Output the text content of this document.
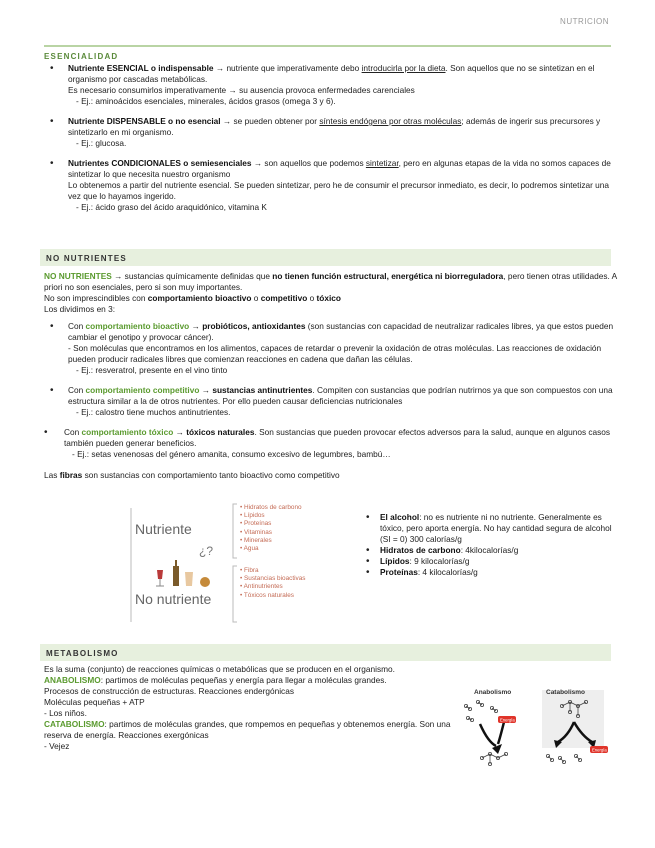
NUTRICION
ESENCIALIDAD
• Nutriente ESENCIAL o indispensable → nutriente que imperativamente debo introducirla por la dieta. Son aquellos que no se sintetizan en el organismo por cascadas metabólicas.
Es necesario consumirlos imperativamente → su ausencia provoca enfermedades carenciales
- Ej.: aminoácidos esenciales, minerales, ácidos grasos (omega 3 y 6).
• Nutriente DISPENSABLE o no esencial → se pueden obtener por síntesis endógena por otras moléculas; además de ingerir sus precursores y sintetizarlo en mi organismo.
- Ej.: glucosa.
• Nutrientes CONDICIONALES o semiesenciales → son aquellos que podemos sintetizar, pero en algunas etapas de la vida no somos capaces de sintetizar lo que necesita nuestro organismo
Lo obtenemos a partir del nutriente esencial. Se pueden sintetizar, pero he de consumir el precursor inmediato, es decir, lo podremos sintetizar una vez que lo hayamos ingerido.
- Ej.: ácido graso del ácido araquidónico, vitamina K
NO NUTRIENTES
NO NUTRIENTES → sustancias químicamente definidas que no tienen función estructural, energética ni biorreguladora, pero tienen otras utilidades. A priori no son esenciales, pero si son muy importantes.
No son imprescindibles con comportamiento bioactivo o competitivo o tóxico
Los dividimos en 3:
• Con comportamiento bioactivo → probióticos, antioxidantes (son sustancias con capacidad de neutralizar radicales libres, ya que estos pueden cambiar el genotipo y provocar cáncer).
- Son moléculas que encontramos en los alimentos, capaces de retardar o prevenir la oxidación de otras moléculas. Las reacciones de oxidación pueden producir radicales libres que comienzan reacciones en cadena que dañan las células.
- Ej.: resveratrol, presente en el vino tinto
• Con comportamiento competitivo → sustancias antinutrientes. Compiten con sustancias que podrían nutrirnos ya que son compuestos con una estructura similar a la de otros nutrientes. Por ello pueden causar deficiencias nutricionales
- Ej.: calostro tiene muchos antinutrientes.
• Con comportamiento tóxico → tóxicos naturales. Son sustancias que pueden provocar efectos adversos para la salud, aunque en algunos casos también pueden generar beneficios.
- Ej.: setas venenosas del género amanita, consumo excesivo de legumbres, bambú…
Las fibras son sustancias con comportamiento tanto bioactivo como competitivo
Nutriente
¿?
No nutriente
• Hidratos de carbono
• Lípidos
• Proteínas
• Vitaminas
• Minerales
• Agua
• Fibra
• Sustancias bioactivas
• Antinutrientes
• Tóxicos naturales
• El alcohol: no es nutriente ni no nutriente. Generalmente es tóxico, pero aporta energía. No hay cantidad segura de alcohol (SI = 0) 300 calorías/g
• Hidratos de carbono: 4kilocalorías/g
• Lípidos: 9 kilocalorías/g
• Proteínas: 4 kilocalorías/g
METABOLISMO
Es la suma (conjunto) de reacciones químicas o metabólicas que se producen en el organismo.
ANABOLISMO: partimos de moléculas pequeñas y energía para llegar a moléculas grandes.
Procesos de construcción de estructuras. Reacciones endergónicas
Moléculas pequeñas + ATP
- Los niños.
CATABOLISMO: partimos de moléculas grandes, que rompemos en pequeñas y obtenemos energía. Son una reserva de energía. Reacciones exergónicas
- Vejez
Anabolismo	Catabolismo
Energía
Energía
